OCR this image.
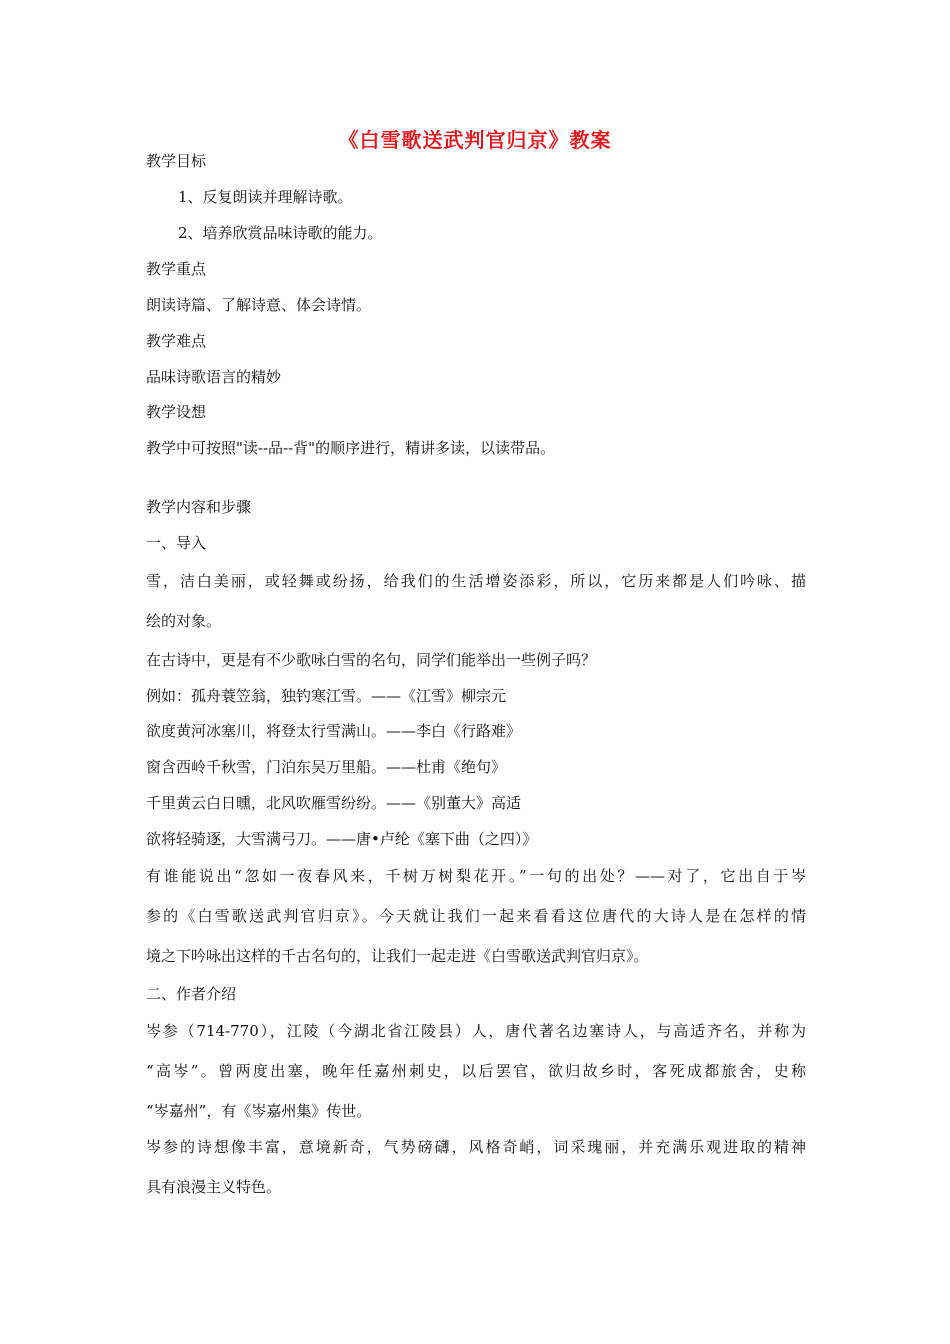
《白雪歌送武判官归京》教案
教学目标
1、反复朗读并理解诗歌。
2、培养欣赏品味诗歌的能力。
教学重点
朗读诗篇、了解诗意、体会诗情。
教学难点
品味诗歌语言的精妙
教学设想
教学中可按照"读--品--背"的顺序进行，精讲多读，以读带品。
教学内容和步骤
一、导入
雪，洁白美丽，或轻舞或纷扬，给我们的生活增姿添彩，所以，它历来都是人们吟咏、描
绘的对象。
在古诗中，更是有不少歌咏白雪的名句，同学们能举出一些例子吗？
例如：孤舟蓑笠翁，独钓寒江雪。——《江雪》柳宗元
欲度黄河冰塞川，将登太行雪满山。——李白《行路难》
窗含西岭千秋雪，门泊东吴万里船。——杜甫《绝句》
千里黄云白日曛，北风吹雁雪纷纷。——《别董大》高适
欲将轻骑逐，大雪满弓刀。——唐•卢纶《塞下曲（之四）》
有谁能说出“忽如一夜春风来，千树万树梨花开。”一句的出处？——对了，它出自于岑
参的《白雪歌送武判官归京》。今天就让我们一起来看看这位唐代的大诗人是在怎样的情
境之下吟咏出这样的千古名句的，让我们一起走进《白雪歌送武判官归京》。
二、作者介绍
岑参（714-770），江陵（今湖北省江陵县）人，唐代著名边塞诗人，与高适齐名，并称为
“高岑”。曾两度出塞，晚年任嘉州刺史，以后罢官，欲归故乡时，客死成都旅舍，史称
“岑嘉州”，有《岑嘉州集》传世。
岑参的诗想像丰富，意境新奇，气势磅礴，风格奇峭，词采瑰丽，并充满乐观进取的精神
具有浪漫主义特色。
